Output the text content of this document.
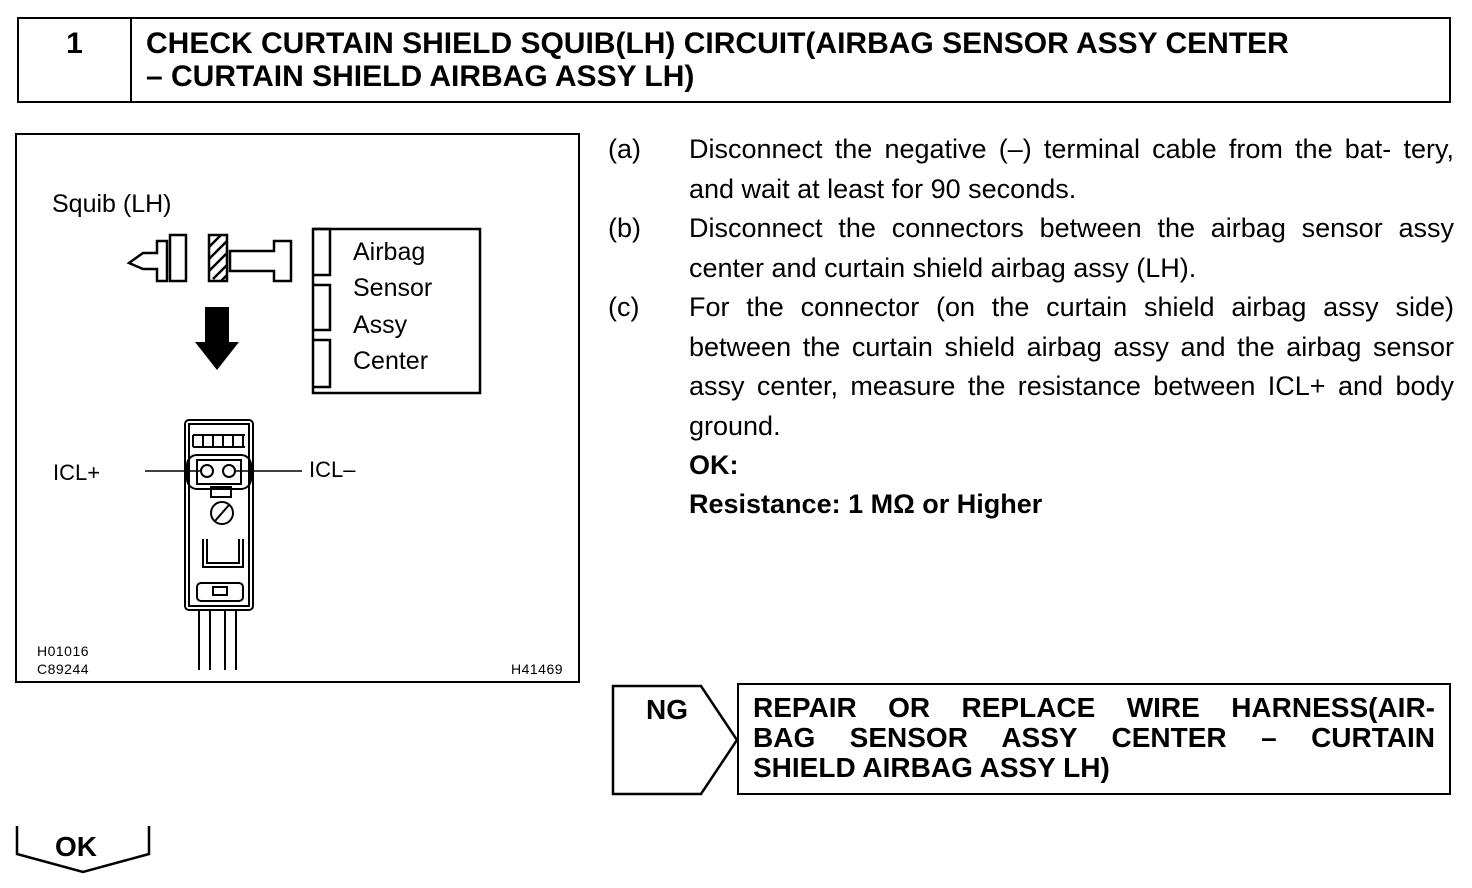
1	CHECK CURTAIN SHIELD SQUIB(LH) CIRCUIT(AIRBAG SENSOR ASSY CENTER
– CURTAIN SHIELD AIRBAG ASSY LH)
Squib (LH)
Airbag
Sensor
Assy
Center
ICL+	ICL–
H01016
C89244	H41469
(a) Disconnect the negative (–) terminal cable from the bat- tery, and wait at least for 90 seconds.
(b) Disconnect the connectors between the airbag sensor assy center and curtain shield airbag assy (LH).
(c) For the connector (on the curtain shield airbag assy side) between the curtain shield airbag assy and the airbag sensor assy center, measure the resistance between ICL+ and body ground.
OK:
Resistance: 1 MΩ or Higher
NG REPAIR OR REPLACE WIRE HARNESS(AIR-
BAG SENSOR ASSY CENTER – CURTAIN
SHIELD AIRBAG ASSY LH)
OK
